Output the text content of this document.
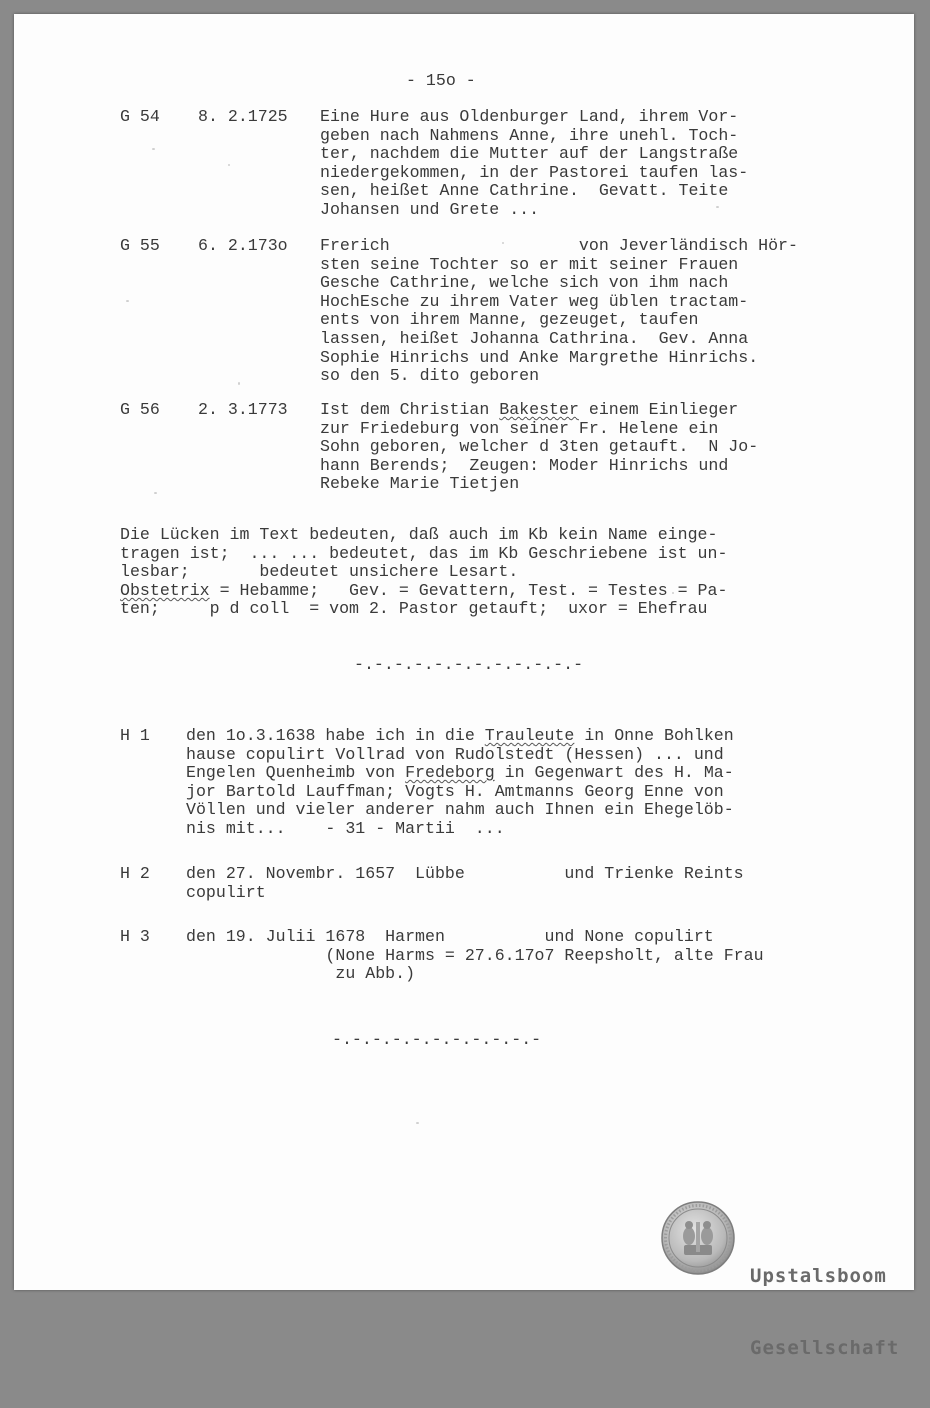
- 15o -
G 54 8. 2.1725 Eine Hure aus Oldenburger Land, ihrem Vor-
geben nach Nahmens Anne, ihre unehl. Toch-
ter, nachdem die Mutter auf der Langstraße
niedergekommen, in der Pastorei taufen las-
sen, heißet Anne Cathrine.  Gevatt. Teite
Johansen und Grete ...
G 55 6. 2.173o Frerich                   von Jeverländisch Hör-
sten seine Tochter so er mit seiner Frauen
Gesche Cathrine, welche sich von ihm nach
HochEsche zu ihrem Vater weg üblen tractam-
ents von ihrem Manne, gezeuget, taufen
lassen, heißet Johanna Cathrina.  Gev. Anna
Sophie Hinrichs und Anke Margrethe Hinrichs.
so den 5. dito geboren
G 56 2. 3.1773 Ist dem Christian Bakester einem Einlieger
zur Friedeburg von seiner Fr. Helene ein
Sohn geboren, welcher d 3ten getauft.  N Jo-
hann Berends;  Zeugen: Moder Hinrichs und
Rebeke Marie Tietjen
Die Lücken im Text bedeuten, daß auch im Kb kein Name einge-
tragen ist;  ... ... bedeutet, das im Kb Geschriebene ist un-
lesbar;       bedeutet unsichere Lesart.
Obstetrix = Hebamme;   Gev. = Gevattern, Test. = Testes = Pa-
ten;     p d coll  = vom 2. Pastor getauft;  uxor = Ehefrau
-.-.-.-.-.-.-.-.-.-.-.-
H 1 den 1o.3.1638 habe ich in die Trauleute in Onne Bohlken
hause copulirt Vollrad von Rudolstedt (Hessen) ... und
Engelen Quenheimb von Fredeborg in Gegenwart des H. Ma-
jor Bartold Lauffman; Vogts H. Amtmanns Georg Enne von
Völlen und vieler anderer nahm auch Ihnen ein Ehegelöb-
nis mit...    - 31 - Martii  ...
H 2 den 27. Novembr. 1657  Lübbe          und Trienke Reints
copulirt
H 3 den 19. Julii 1678  Harmen          und None copulirt
(None Harms = 27.6.17o7 Reepsholt, alte Frau
zu Abb.)
-.-.-.-.-.-.-.-.-.-.-

Upstalsboom

Gesellschaft
